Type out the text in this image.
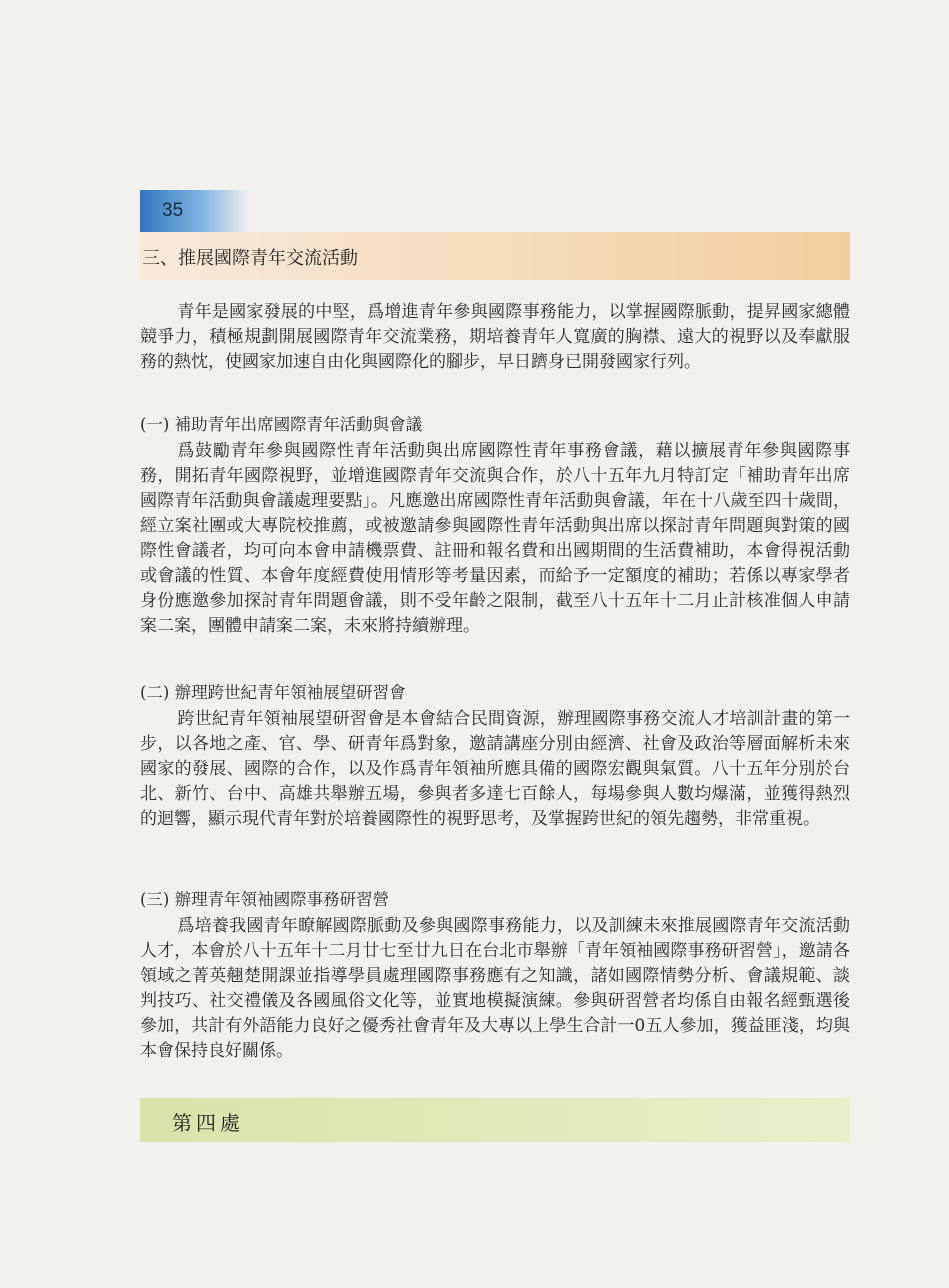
35
三、推展國際青年交流活動

青年是國家發展的中堅，爲增進青年參與國際事務能力，以掌握國際脈動，提昇國家總體競爭力，積極規劃開展國際青年交流業務，期培養青年人寬廣的胸襟、遠大的視野以及奉獻服務的熱忱，使國家加速自由化與國際化的腳步，早日躋身已開發國家行列。

(一) 補助青年出席國際青年活動與會議

爲鼓勵青年參與國際性青年活動與出席國際性青年事務會議，藉以擴展青年參與國際事務，開拓青年國際視野，並增進國際青年交流與合作，於八十五年九月特訂定「補助青年出席國際青年活動與會議處理要點」。凡應邀出席國際性青年活動與會議，年在十八歲至四十歲間，經立案社團或大專院校推薦，或被邀請參與國際性青年活動與出席以探討青年問題與對策的國際性會議者，均可向本會申請機票費、註冊和報名費和出國期間的生活費補助，本會得視活動或會議的性質、本會年度經費使用情形等考量因素，而給予一定額度的補助；若係以專家學者身份應邀參加探討青年問題會議，則不受年齡之限制，截至八十五年十二月止計核准個人申請案二案，團體申請案二案，未來將持續辦理。

(二) 辦理跨世紀青年領袖展望研習會

跨世紀青年領袖展望研習會是本會結合民間資源，辦理國際事務交流人才培訓計畫的第一步，以各地之產、官、學、研青年爲對象，邀請講座分別由經濟、社會及政治等層面解析未來國家的發展、國際的合作，以及作爲青年領袖所應具備的國際宏觀與氣質。八十五年分別於台北、新竹、台中、高雄共舉辦五場，參與者多達七百餘人，每場參與人數均爆滿，並獲得熱烈的迴響，顯示現代青年對於培養國際性的視野思考，及掌握跨世紀的領先趨勢，非常重視。

(三) 辦理青年領袖國際事務研習營

爲培養我國青年瞭解國際脈動及參與國際事務能力，以及訓練未來推展國際青年交流活動人才，本會於八十五年十二月廿七至廿九日在台北市舉辦「青年領袖國際事務研習營」，邀請各領域之菁英翹楚開課並指導學員處理國際事務應有之知識，諸如國際情勢分析、會議規範、談判技巧、社交禮儀及各國風俗文化等，並實地模擬演練。參與研習營者均係自由報名經甄選後參加，共計有外語能力良好之優秀社會青年及大專以上學生合計一0五人參加，獲益匪淺，均與本會保持良好關係。

第四處
